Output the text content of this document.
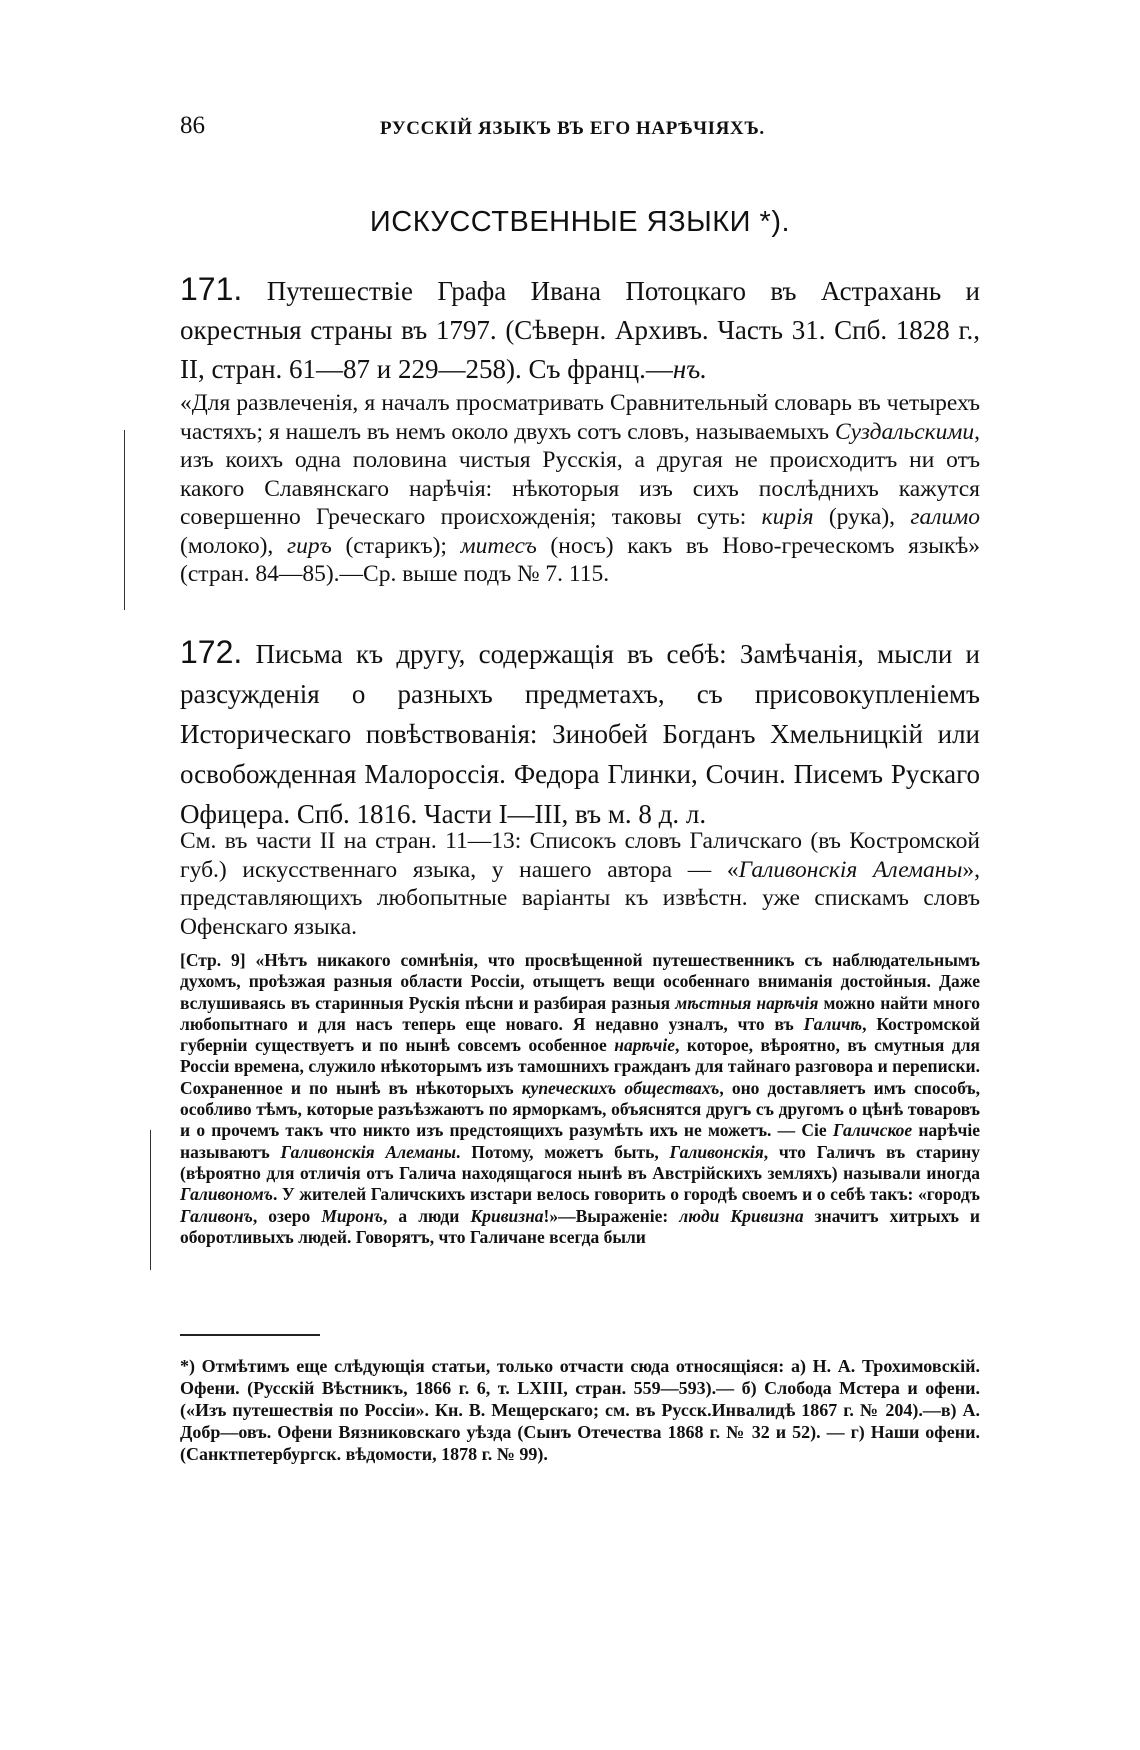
86	РУССКІЙ ЯЗЫКЪ ВЪ ЕГО НАРѢЧІЯХЪ.
ИСКУССТВЕННЫЕ ЯЗЫКИ *).
171. Путешествіе Графа Ивана Потоцкаго въ Астрахань и окрестныя страны въ 1797. (Сѣверн. Архивъ. Часть 31. Спб. 1828 г., II, стран. 61—87 и 229—258). Съ франц.—нъ.
«Для развлеченія, я началъ просматривать Сравнительный словарь въ четырехъ частяхъ; я нашелъ въ немъ около двухъ сотъ словъ, называемыхъ Суздальскими, изъ коихъ одна половина чистыя Русскія, а другая не происходитъ ни отъ какого Славянскаго нарѣчія: нѣкоторыя изъ сихъ послѣднихъ кажутся совершенно Греческаго происхожденія; таковы суть: кирія (рука), галимо (молоко), гиръ (старикъ); митесъ (носъ) какъ въ Ново-греческомъ языкѣ» (стран. 84—85).—Ср. выше подъ № 7. 115.
172. Письма къ другу, содержащія въ себѣ: Замѣчанія, мысли и разсужденія о разныхъ предметахъ, съ присовокупленіемъ Историческаго повѣствованія: Зинобей Богданъ Хмельницкій или освобожденная Малороссія. Федора Глинки, Сочин. Писемъ Рускаго Офицера. Спб. 1816. Части I—III, въ м. 8 д. л.
См. въ части II на стран. 11—13: Списокъ словъ Галичскаго (въ Костромской губ.) искусственнаго языка, у нашего автора — «Галивонскія Алеманы», представляющихъ любопытные варіанты къ извѣстн. уже спискамъ словъ Офенскаго языка.
[Стр. 9] «Нѣтъ никакого сомнѣнія, что просвѣщенной путешественникъ съ наблюдательнымъ духомъ, проѣзжая разныя области Россіи, отыщетъ вещи особеннаго вниманія достойныя. Даже вслушиваясь въ старинныя Рускія пѣсни и разбирая разныя мѣстныя нарѣчія можно найти много любопытнаго и для насъ теперь еще новаго. Я недавно узналъ, что въ Галичѣ, Костромской губерніи существуетъ и по нынѣ совсемъ особенное нарѣчіе, которое, вѣроятно, въ смутныя для Россіи времена, служило нѣкоторымъ изъ тамошнихъ гражданъ для тайнаго разговора и переписки. Сохраненное и по нынѣ въ нѣкоторыхъ купеческихъ обществахъ, оно доставляетъ имъ способъ, особливо тѣмъ, которые разъѣзжаютъ по ярморкамъ, объяснятся другъ съ другомъ о цѣнѣ товаровъ и о прочемъ такъ что никто изъ предстоящихъ разумѣть ихъ не можетъ. — Сіе Галичское нарѣчіе называютъ Галивонскія Алеманы. Потому, можетъ быть, Галивонскія, что Галичъ въ старину (вѣроятно для отличія отъ Галича находящагося нынѣ въ Австрійскихъ земляхъ) называли иногда Галивономъ. У жителей Галичскихъ изстари велось говорить о городѣ своемъ и о себѣ такъ: «городъ Галивонъ, озеро Миронъ, а люди Кривизна!»—Выраженіе: люди Кривизна значитъ хитрыхъ и оборотливыхъ людей. Говорятъ, что Галичане всегда были
*) Отмѣтимъ еще слѣдующія статьи, только отчасти сюда относящіяся: а) Н. А. Трохимовскій. Офени. (Русскій Вѣстникъ, 1866 г. 6, т. LXIII, стран. 559—593).— б) Слобода Мстера и офени. («Изъ путешествія по Россіи». Кн. В. Мещерскаго; см. въ Русск.Инвалидѣ 1867 г. № 204).—в) А. Добр—овъ. Офени Вязниковскаго уѣзда (Сынъ Отечества 1868 г. № 32 и 52). — г) Наши офени. (Санктпетербургск. вѣдомости, 1878 г. № 99).
